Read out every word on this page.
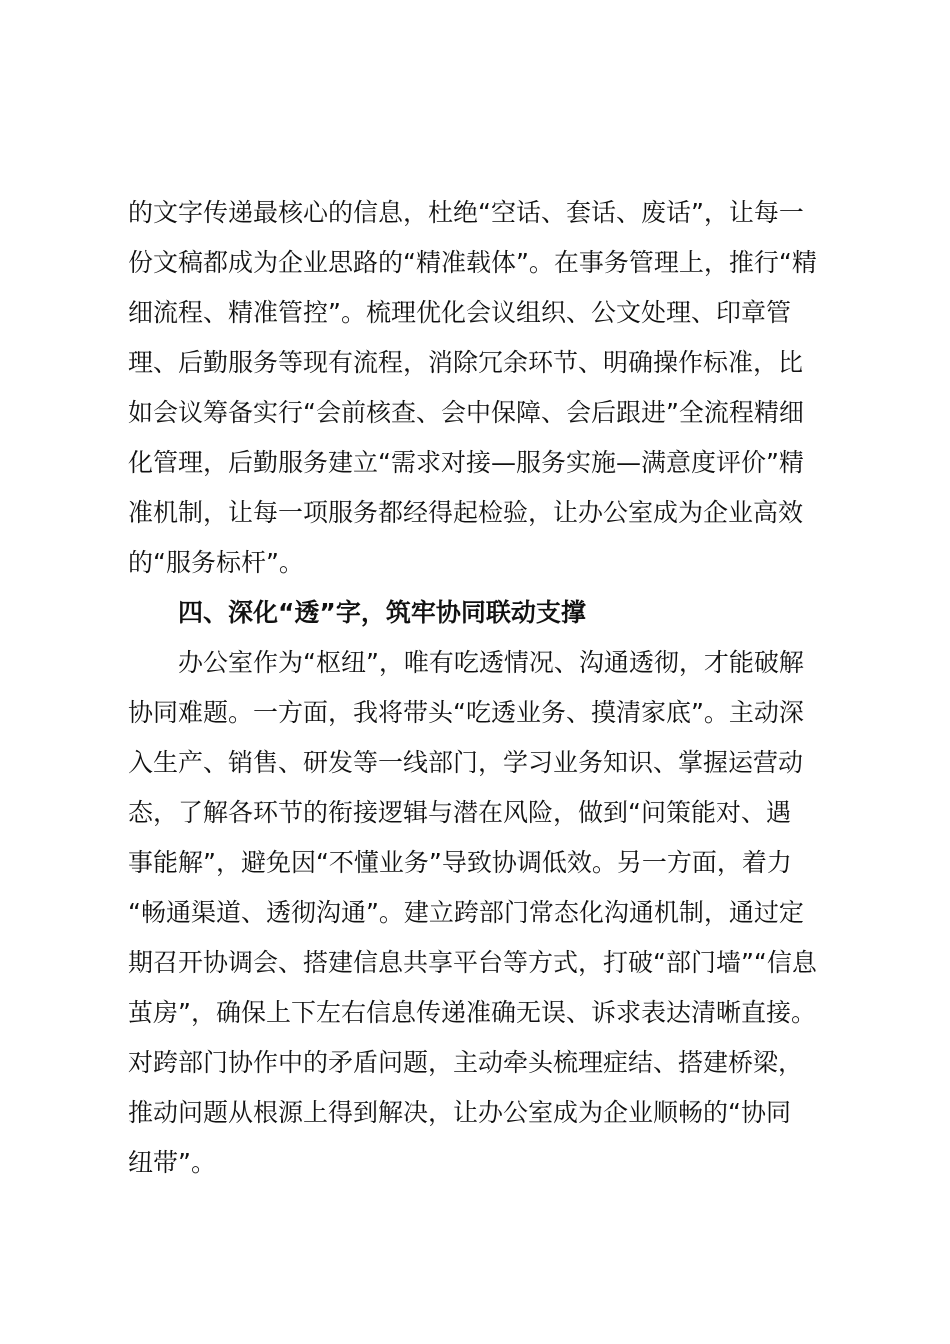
的文字传递最核心的信息，杜绝“空话、套话、废话”，让每一
份文稿都成为企业思路的“精准载体”。在事务管理上，推行“精
细流程、精准管控”。梳理优化会议组织、公文处理、印章管
理、后勤服务等现有流程，消除冗余环节、明确操作标准，比
如会议筹备实行“会前核查、会中保障、会后跟进”全流程精细
化管理，后勤服务建立“需求对接—服务实施—满意度评价”精
准机制，让每一项服务都经得起检验，让办公室成为企业高效
的“服务标杆”。
四、深化“透”字，筑牢协同联动支撑
办公室作为“枢纽”，唯有吃透情况、沟通透彻，才能破解
协同难题。一方面，我将带头“吃透业务、摸清家底”。主动深
入生产、销售、研发等一线部门，学习业务知识、掌握运营动
态，了解各环节的衔接逻辑与潜在风险，做到“问策能对、遇
事能解”，避免因“不懂业务”导致协调低效。另一方面，着力
“畅通渠道、透彻沟通”。建立跨部门常态化沟通机制，通过定
期召开协调会、搭建信息共享平台等方式，打破“部门墙”“信息
茧房”，确保上下左右信息传递准确无误、诉求表达清晰直接。
对跨部门协作中的矛盾问题，主动牵头梳理症结、搭建桥梁，
推动问题从根源上得到解决，让办公室成为企业顺畅的“协同
纽带”。
